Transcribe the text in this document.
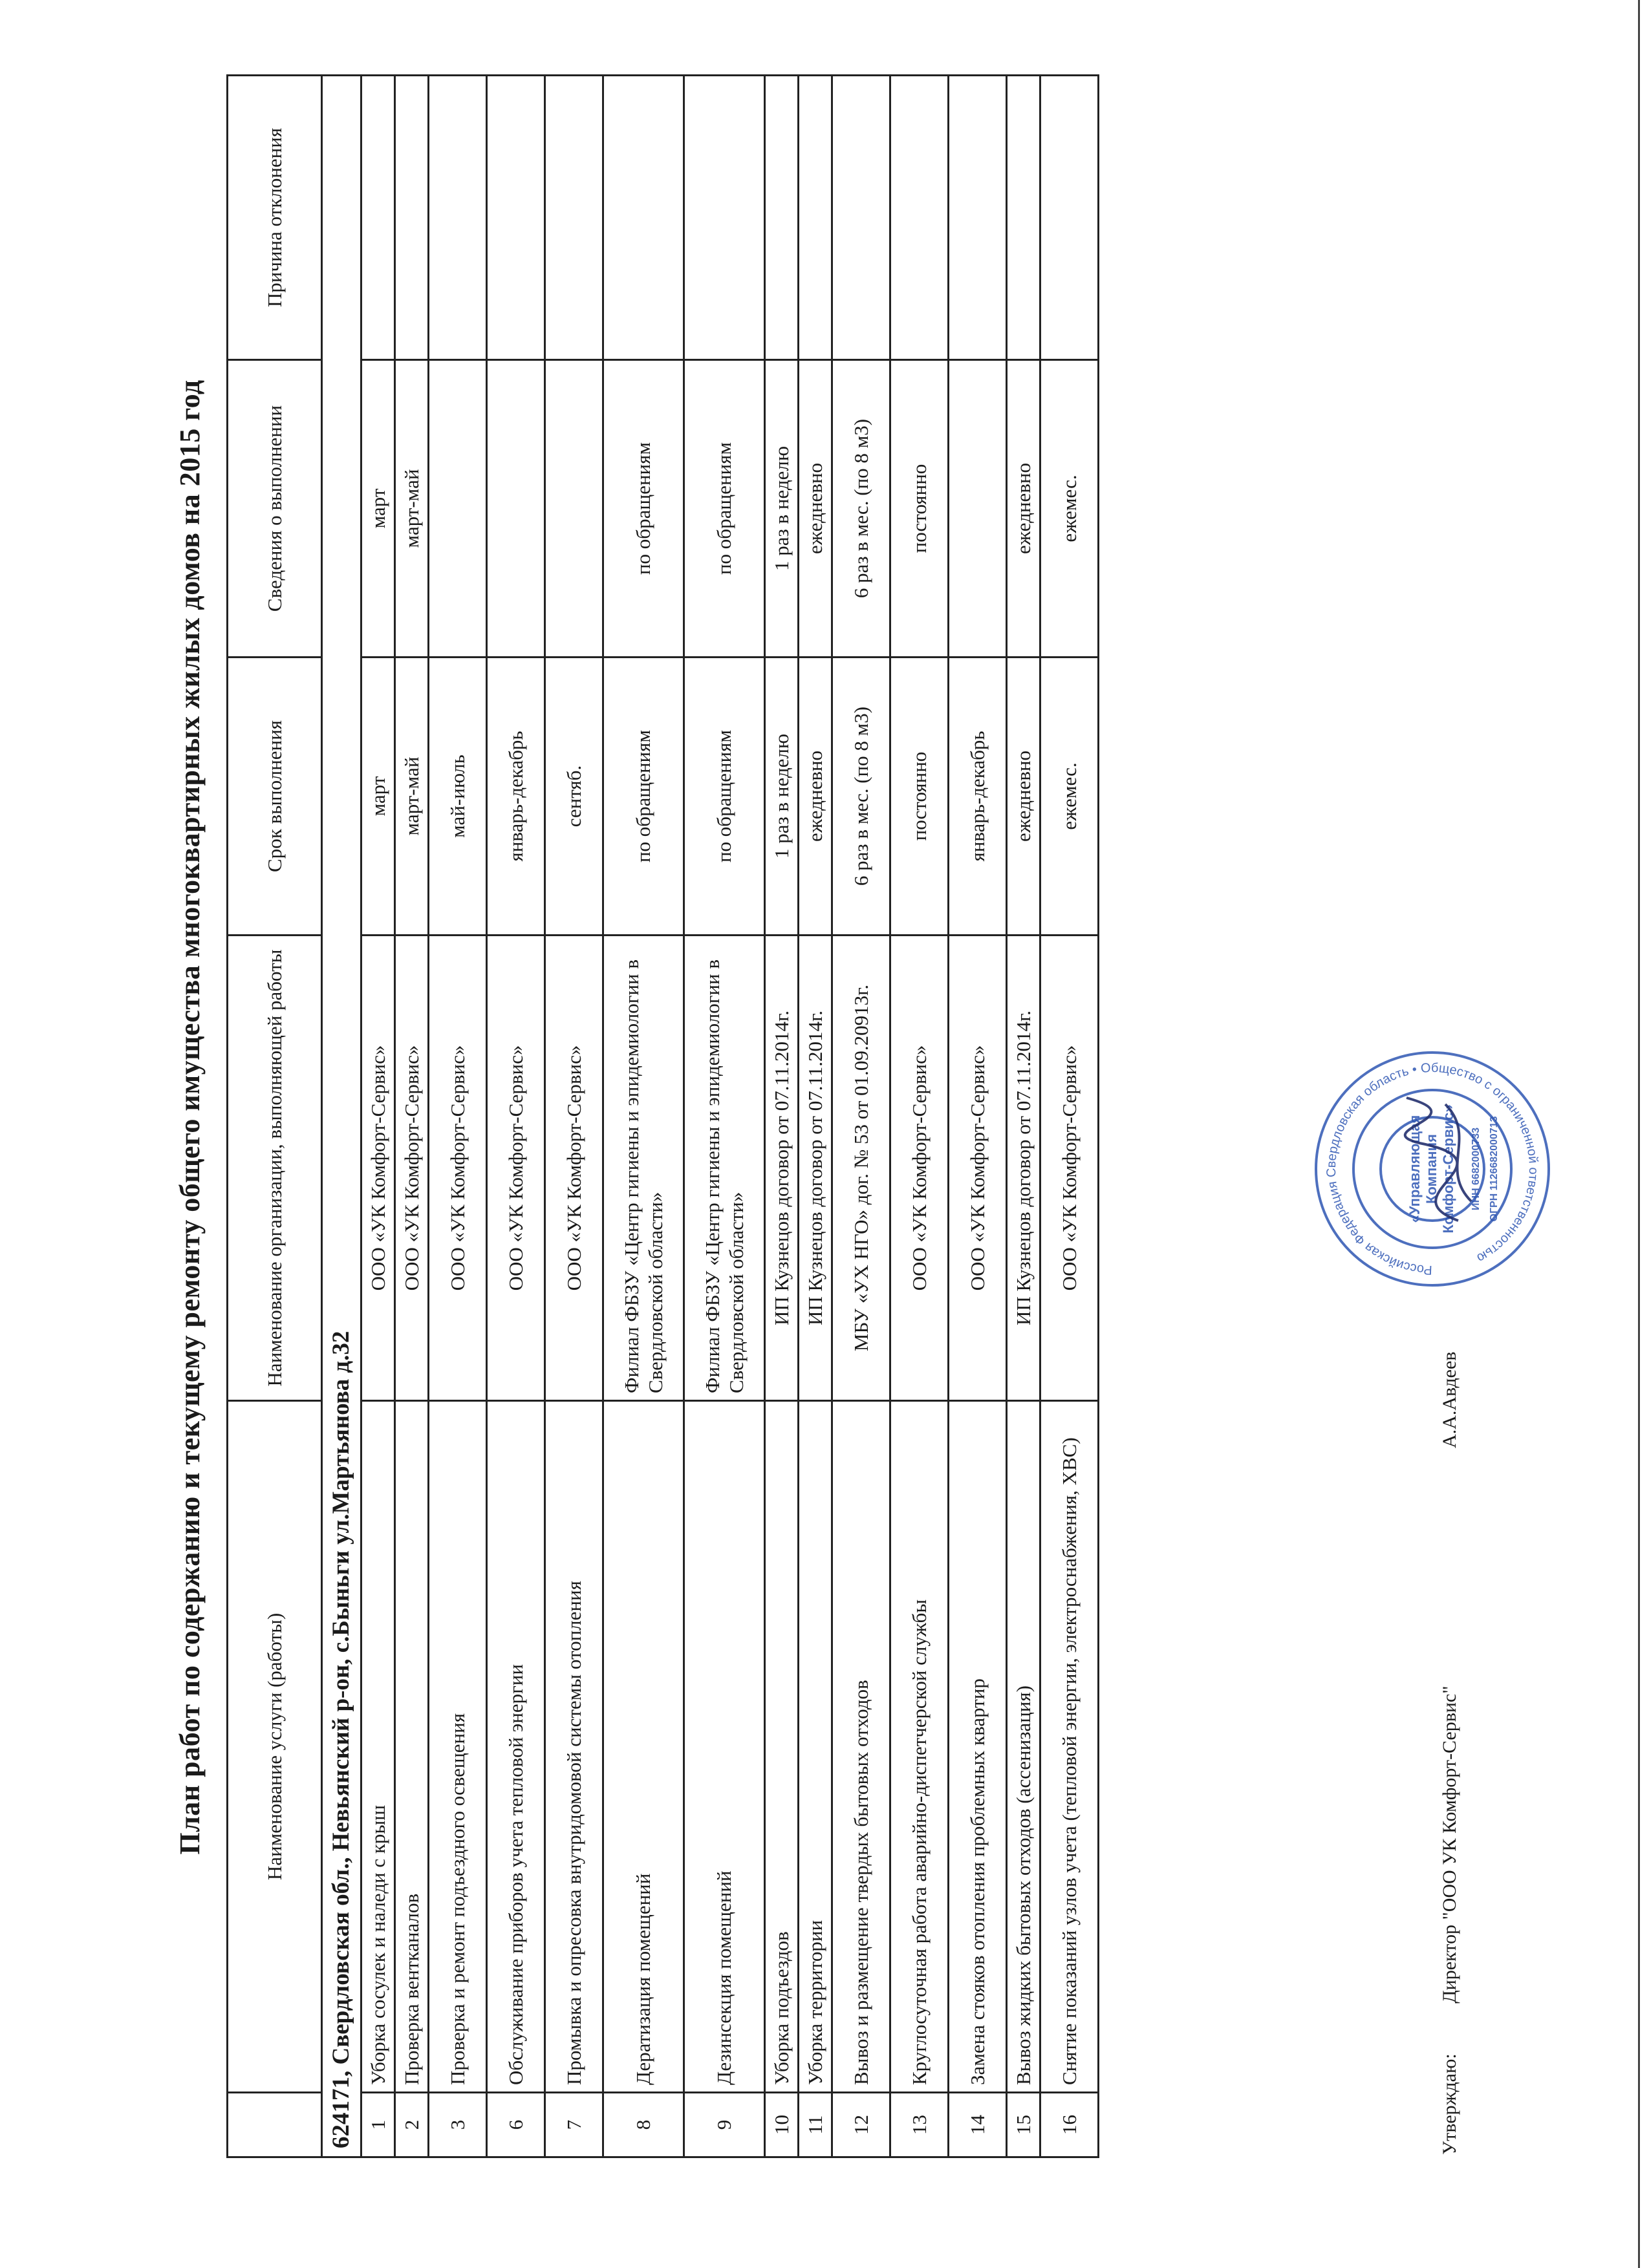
План работ по содержанию и текущему ремонту общего имущества многоквартирных жилых домов на 2015 год
		Наименование услуги (работы)	Наименование организации, выполняющей работы	Срок выполнения	Сведения о выполнении	Причина отклонения
624171, Свердловская обл., Невьянский р-он, с.Быньги ул.Мартьянова д.32					
1	Уборка сосулек и наледи с крыш	ООО «УК Комфорт-Сервис»	март	март	
2	Проверка вентканалов	ООО «УК Комфорт-Сервис»	март-май	март-май	
3	Проверка и ремонт подъездного освещения	ООО «УК Комфорт-Сервис»	май-июль		
6	Обслуживание приборов учета тепловой энергии	ООО «УК Комфорт-Сервис»	январь-декабрь		
7	Промывка и опресовка внутридомовой системы отопления	ООО «УК Комфорт-Сервис»	сентяб.		
8	Дератизация помещений	Филиал ФБЗУ «Центр гигиены и эпидемиологии в Свердловской области»	по обращениям	по обращениям	
9	Дезинсекция помещений	Филиал ФБЗУ «Центр гигиены и эпидемиологии в Свердловской области»	по обращениям	по обращениям	
10	Уборка подъездов	ИП Кузнецов договор от 07.11.2014г.	1 раз в неделю	1 раз в неделю	
11	Уборка территории	ИП Кузнецов договор от 07.11.2014г.	ежедневно	ежедневно	
12	Вывоз и размещение твердых бытовых отходов	МБУ «УХ НГО» дог. № 53 от 01.09.20913г.	6 раз в мес. (по 8 м3)	6 раз в мес. (по 8 м3)	
13	Круглосуточная работа аварийно-диспетчерской службы	ООО «УК Комфорт-Сервис»	постоянно	постоянно	
14	Замена стояков отопления проблемных квартир	ООО «УК Комфорт-Сервис»	январь-декабрь		
15	Вывоз жидких бытовых отходов (ассенизация)	ИП Кузнецов договор от 07.11.2014г.	ежедневно	ежедневно	
16	Снятие показаний узлов учета (тепловой энергии, электроснабжения, ХВС)	ООО «УК Комфорт-Сервис»	ежемес.	ежемес.	
Утверждаю: Директор "ООО УК Комфорт-Сервис"
А.А.Авдеев
Российская Федерация Свердловская область • Общество с ограниченной ответственностью
«Управляющая Компания Комфорт-Сервис» ИНН 6682000733 ОГРН 1126682000713
